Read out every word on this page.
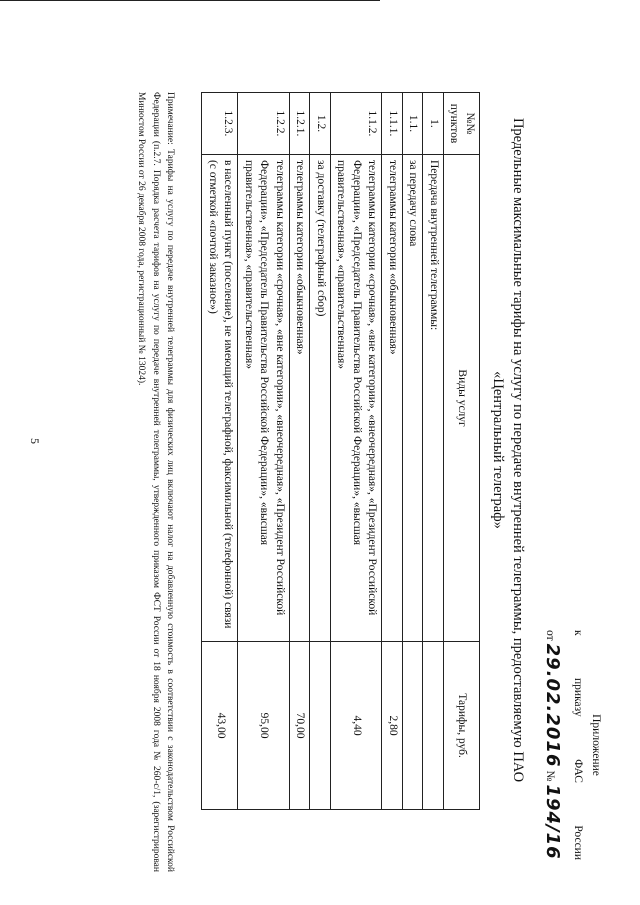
Приложение
к
приказу
ФАС
России
от
29.02.2016
№
194/16
Предельные максимальные тарифы на услугу по передаче внутренней телеграммы, предоставляемую ПАО
«Центральный телеграф»
№№ пунктов	Виды услуг	Тарифы, руб.
1.	Передача внутренней телеграммы:	
1.1.	за передачу слова	
1.1.1.	телеграммы категории «обыкновенная»	2,80
1.1.2.	телеграммы категории «срочная», «вне категории», «внеочередная», «Президент Российской Федерации», «Председатель Правительства Российской Федерации», «высшая правительственная», «правительственная»	4,40
1.2.	за доставку (телеграфный сбор)	
1.2.1.	телеграммы категории «обыкновенная»	70,00
1.2.2.	телеграммы категории «срочная», «вне категории», «внеочередная», «Президент Российской Федерации», «Председатель Правительства Российской Федерации», «высшая правительственная», «правительственная»	95,00
1.2.3.	в населенный пункт (поселение), не имеющий телеграфной, факсимильной (телефонной) связи (с отметкой «почтой заказное»)	43,00
Примечание: Тарифы на услугу по передаче внутренней телеграммы для физических лиц включают налог на добавленную стоимость в соответствии с законодательством Российской Федерации (п.2.7. Порядка расчета тарифов на услугу по передаче внутренней телеграммы, утвержденного приказом ФСТ России от 18 ноября 2008 года № 260-с/1, (зарегистрирован Минюстом России от 26 декабря 2008 года, регистрационный № 13024).
5
